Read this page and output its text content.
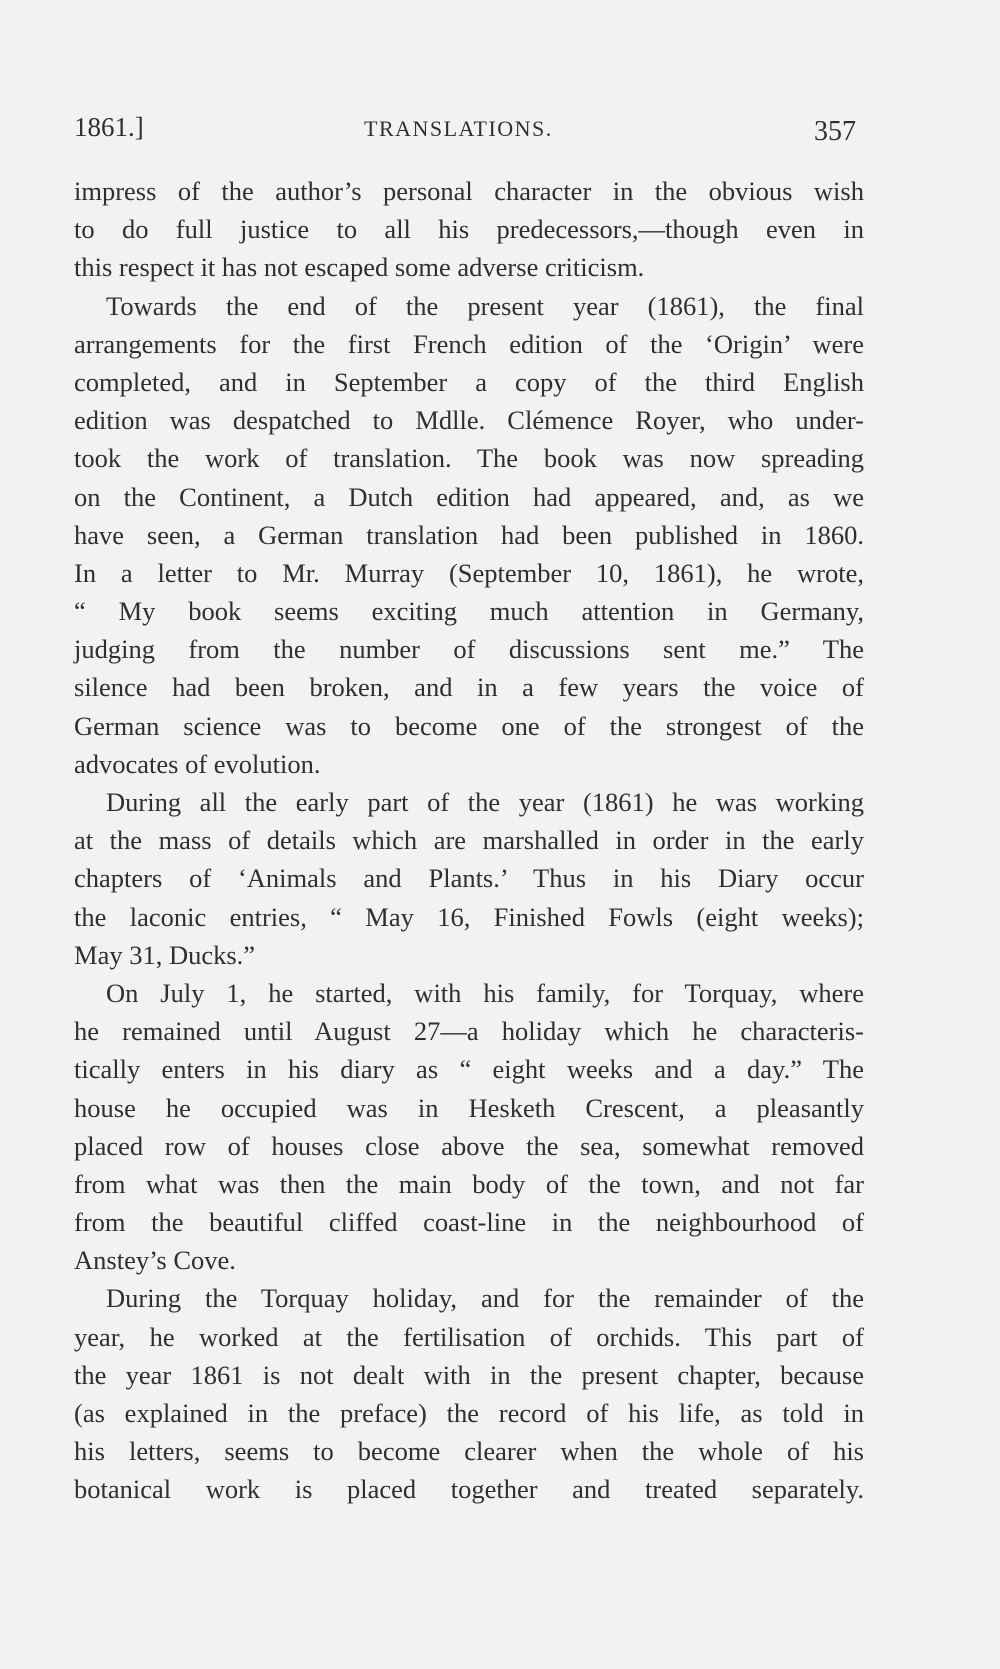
1861.]	TRANSLATIONS.	357
impress of the author’s personal character in the obvious wish
to do full justice to all his predecessors,—though even in
this respect it has not escaped some adverse criticism.
Towards the end of the present year (1861), the final
arrangements for the first French edition of the ‘Origin’ were
completed, and in September a copy of the third English
edition was despatched to Mdlle. Clémence Royer, who under-
took the work of translation. The book was now spreading
on the Continent, a Dutch edition had appeared, and, as we
have seen, a German translation had been published in 1860.
In a letter to Mr. Murray (September 10, 1861), he wrote,
“ My book seems exciting much attention in Germany,
judging from the number of discussions sent me.” The
silence had been broken, and in a few years the voice of
German science was to become one of the strongest of the
advocates of evolution.
During all the early part of the year (1861) he was working
at the mass of details which are marshalled in order in the early
chapters of ‘Animals and Plants.’ Thus in his Diary occur
the laconic entries, “ May 16, Finished Fowls (eight weeks);
May 31, Ducks.”
On July 1, he started, with his family, for Torquay, where
he remained until August 27—a holiday which he characteris-
tically enters in his diary as “ eight weeks and a day.” The
house he occupied was in Hesketh Crescent, a pleasantly
placed row of houses close above the sea, somewhat removed
from what was then the main body of the town, and not far
from the beautiful cliffed coast-line in the neighbourhood of
Anstey’s Cove.
During the Torquay holiday, and for the remainder of the
year, he worked at the fertilisation of orchids. This part of
the year 1861 is not dealt with in the present chapter, because
(as explained in the preface) the record of his life, as told in
his letters, seems to become clearer when the whole of his
botanical work is placed together and treated separately.
